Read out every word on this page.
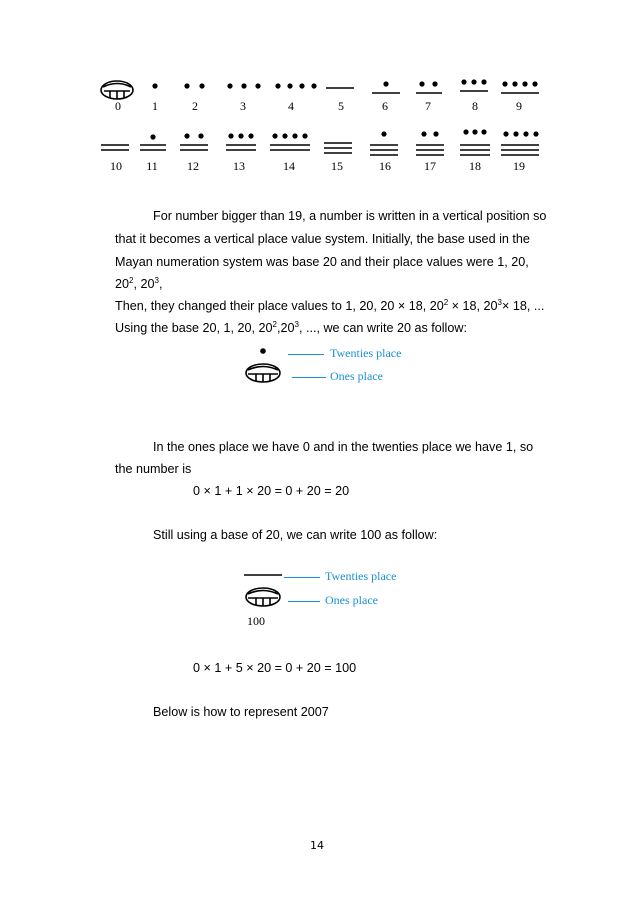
0	1	2	3	4	5	6	7	8	9
10	11	12	13	14	15	16	17	18	19
For number bigger than 19, a number is written in a vertical position so
that it becomes a vertical place value system. Initially, the base used in the
Mayan numeration system was base 20 and their place values were 1, 20,
$20^2$, $20^3$,
Then, they changed their place values to 1, 20, 20 × 18, $20^2 \times 18$, $20^3\times 18$, ...
Using the base 20, 1, 20, $20^2,20^3$, ..., we can write 20 as follow:
Twenties place
Ones place
In the ones place we have 0 and in the twenties place we have 1, so
the number is
0 × 1 + 1 × 20 = 0 + 20 = 20
Still using a base of 20, we can write 100 as follow:
Twenties place
Ones place
100
0 × 1 + 5 × 20 = 0 + 20 = 100
Below is how to represent 2007
14
